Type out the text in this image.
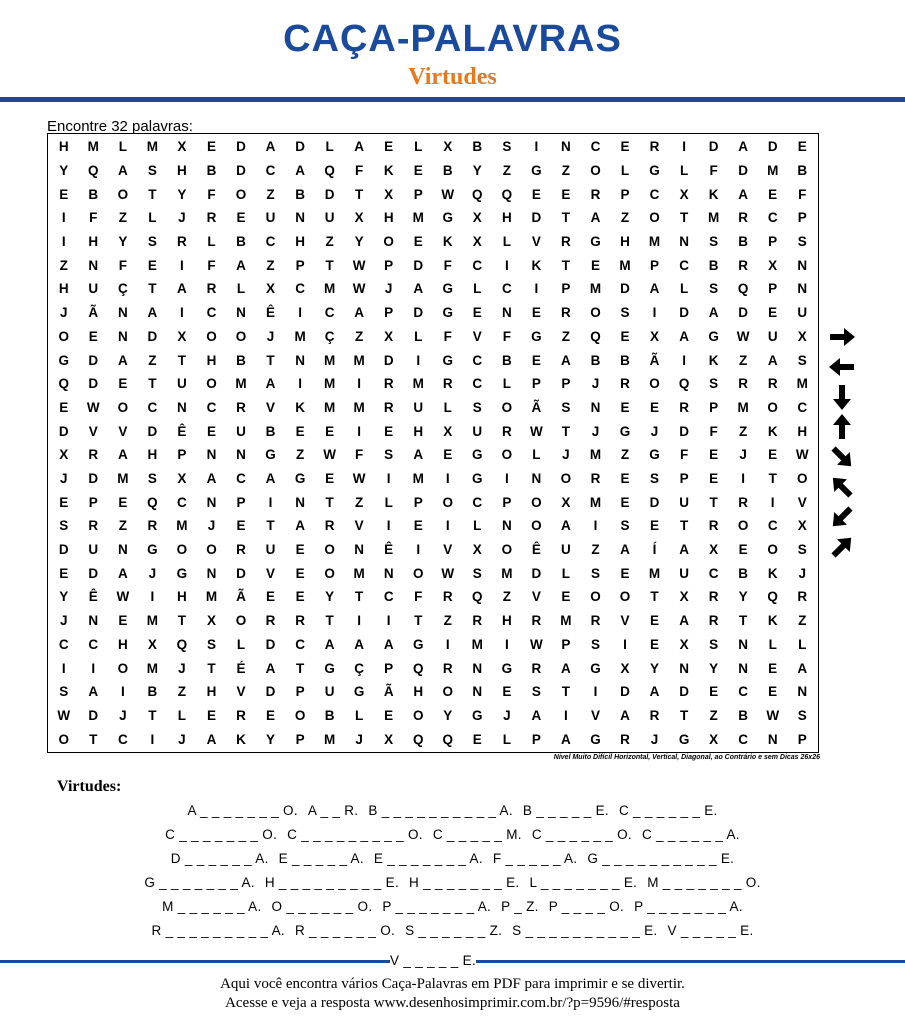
CAÇA-PALAVRAS
Virtudes
Encontre 32 palavras:
H	M	L	M	X	E	D	A	D	L	A	E	L	X	B	S	I	N	C	E	R	I	D	A	D	E
Y	Q	A	S	H	B	D	C	A	Q	F	K	E	B	Y	Z	G	Z	O	L	G	L	F	D	M	B
E	B	O	T	Y	F	O	Z	B	D	T	X	P	W	Q	Q	E	E	R	P	C	X	K	A	E	F
I	F	Z	L	J	R	E	U	N	U	X	H	M	G	X	H	D	T	A	Z	O	T	M	R	C	P
I	H	Y	S	R	L	B	C	H	Z	Y	O	E	K	X	L	V	R	G	H	M	N	S	B	P	S
Z	N	F	E	I	F	A	Z	P	T	W	P	D	F	C	I	K	T	E	M	P	C	B	R	X	N
H	U	Ç	T	A	R	L	X	C	M	W	J	A	G	L	C	I	P	M	D	A	L	S	Q	P	N
J	Ã	N	A	I	C	N	Ê	I	C	A	P	D	G	E	N	E	R	O	S	I	D	A	D	E	U
O	E	N	D	X	O	O	J	M	Ç	Z	X	L	F	V	F	G	Z	Q	E	X	A	G	W	U	X
G	D	A	Z	T	H	B	T	N	M	M	D	I	G	C	B	E	A	B	B	Ã	I	K	Z	A	S
Q	D	E	T	U	O	M	A	I	M	I	R	M	R	C	L	P	P	J	R	O	Q	S	R	R	M
E	W	O	C	N	C	R	V	K	M	M	R	U	L	S	O	Ã	S	N	E	E	R	P	M	O	C
D	V	V	D	Ê	E	U	B	E	E	I	E	H	X	U	R	W	T	J	G	J	D	F	Z	K	H
X	R	A	H	P	N	N	G	Z	W	F	S	A	E	G	O	L	J	M	Z	G	F	E	J	E	W
J	D	M	S	X	A	C	A	G	E	W	I	M	I	G	I	N	O	R	E	S	P	E	I	T	O
E	P	E	Q	C	N	P	I	N	T	Z	L	P	O	C	P	O	X	M	E	D	U	T	R	I	V
S	R	Z	R	M	J	E	T	A	R	V	I	E	I	L	N	O	A	I	S	E	T	R	O	C	X
D	U	N	G	O	O	R	U	E	O	N	Ê	I	V	X	O	Ê	U	Z	A	Í	A	X	E	O	S
E	D	A	J	G	N	D	V	E	O	M	N	O	W	S	M	D	L	S	E	M	U	C	B	K	J
Y	Ê	W	I	H	M	Ã	E	E	Y	T	C	F	R	Q	Z	V	E	O	O	T	X	R	Y	Q	R
J	N	E	M	T	X	O	R	R	T	I	I	T	Z	R	H	R	M	R	V	E	A	R	T	K	Z
C	C	H	X	Q	S	L	D	C	A	A	A	G	I	M	I	W	P	S	I	E	X	S	N	L	L
I	I	O	M	J	T	É	A	T	G	Ç	P	Q	R	N	G	R	A	G	X	Y	N	Y	N	E	A
S	A	I	B	Z	H	V	D	P	U	G	Ã	H	O	N	E	S	T	I	D	A	D	E	C	E	N
W	D	J	T	L	E	R	E	O	B	L	E	O	Y	G	J	A	I	V	A	R	T	Z	B	W	S
O	T	C	I	J	A	K	Y	P	M	J	X	Q	Q	E	L	P	A	G	R	J	G	X	C	N	P
Nível Muito Difícil Horizontal, Vertical, Diagonal, ao Contrário e sem Dicas 26x26
Virtudes:
A _ _ _ _ _ _ _ O. A _ _ R. B _ _ _ _ _ _ _ _ _ _ A. B _ _ _ _ _ E. C _ _ _ _ _ _ E.
C _ _ _ _ _ _ _ O. C _ _ _ _ _ _ _ _ _ O. C _ _ _ _ _ M. C _ _ _ _ _ _ O. C _ _ _ _ _ _ A.
D _ _ _ _ _ _ A. E _ _ _ _ _ A. E _ _ _ _ _ _ _ A. F _ _ _ _ _ A. G _ _ _ _ _ _ _ _ _ _ E.
G _ _ _ _ _ _ _ A. H _ _ _ _ _ _ _ _ _ E. H _ _ _ _ _ _ _ E. L _ _ _ _ _ _ _ E. M _ _ _ _ _ _ _ O.
M _ _ _ _ _ _ A. O _ _ _ _ _ _ O. P _ _ _ _ _ _ _ A. P _ Z. P _ _ _ _ O. P _ _ _ _ _ _ _ A.
R _ _ _ _ _ _ _ _ _ A. R _ _ _ _ _ _ O. S _ _ _ _ _ _ Z. S _ _ _ _ _ _ _ _ _ _ E. V _ _ _ _ _ E.
V _ _ _ _ _ E.
Aqui você encontra vários Caça-Palavras em PDF para imprimir e se divertir.
Acesse e veja a resposta www.desenhosimprimir.com.br/?p=9596/#resposta
